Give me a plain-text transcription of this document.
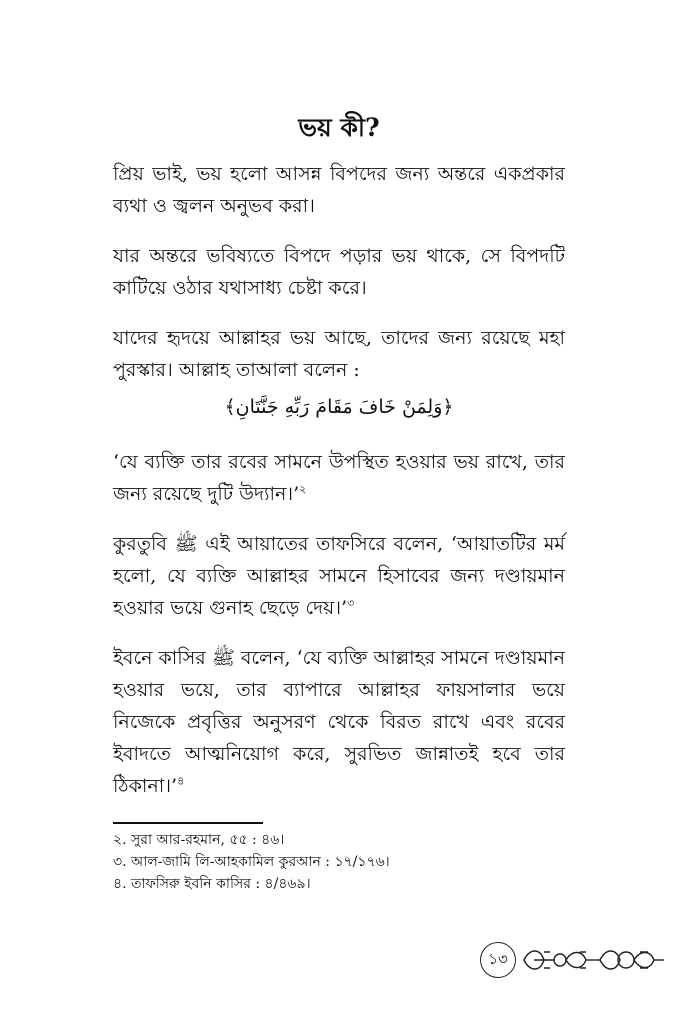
ভয় কী?

প্রিয় ভাই, ভয় হলো আসন্ন বিপদের জন্য অন্তরে একপ্রকার ব্যথা ও জ্বলন অনুভব করা।

যার অন্তরে ভবিষ্যতে বিপদে পড়ার ভয় থাকে, সে বিপদটি কাটিয়ে ওঠার যথাসাধ্য চেষ্টা করে।

যাদের হৃদয়ে আল্লাহর ভয় আছে, তাদের জন্য রয়েছে মহা পুরস্কার। আল্লাহ তাআলা বলেন :

﴿وَلِمَنْ خَافَ مَقَامَ رَبِّهِ جَنَّتَانِ﴾

‘যে ব্যক্তি তার রবের সামনে উপস্থিত হওয়ার ভয় রাখে, তার জন্য রয়েছে দুটি উদ্যান।’$^২$

কুরতুবি ﷺ এই আয়াতের তাফসিরে বলেন, ‘আয়াতটির মর্ম হলো, যে ব্যক্তি আল্লাহর সামনে হিসাবের জন্য দণ্ডায়মান হওয়ার ভয়ে গুনাহ ছেড়ে দেয়।’$^৩$

ইবনে কাসির ﷺ বলেন, ‘যে ব্যক্তি আল্লাহর সামনে দণ্ডায়মান হওয়ার ভয়ে, তার ব্যাপারে আল্লাহর ফায়সালার ভয়ে নিজেকে প্রবৃত্তির অনুসরণ থেকে বিরত রাখে এবং রবের ইবাদতে আত্মনিয়োগ করে, সুরভিত জান্নাতই হবে তার ঠিকানা।’$^৪$

২. সুরা আর-রহমান, ৫৫ : ৪৬।

৩. আল-জামি লি-আহকামিল কুরআন : ১৭/১৭৬।

৪. তাফসিরু ইবনি কাসির : ৪/৪৬৯।

১৩
